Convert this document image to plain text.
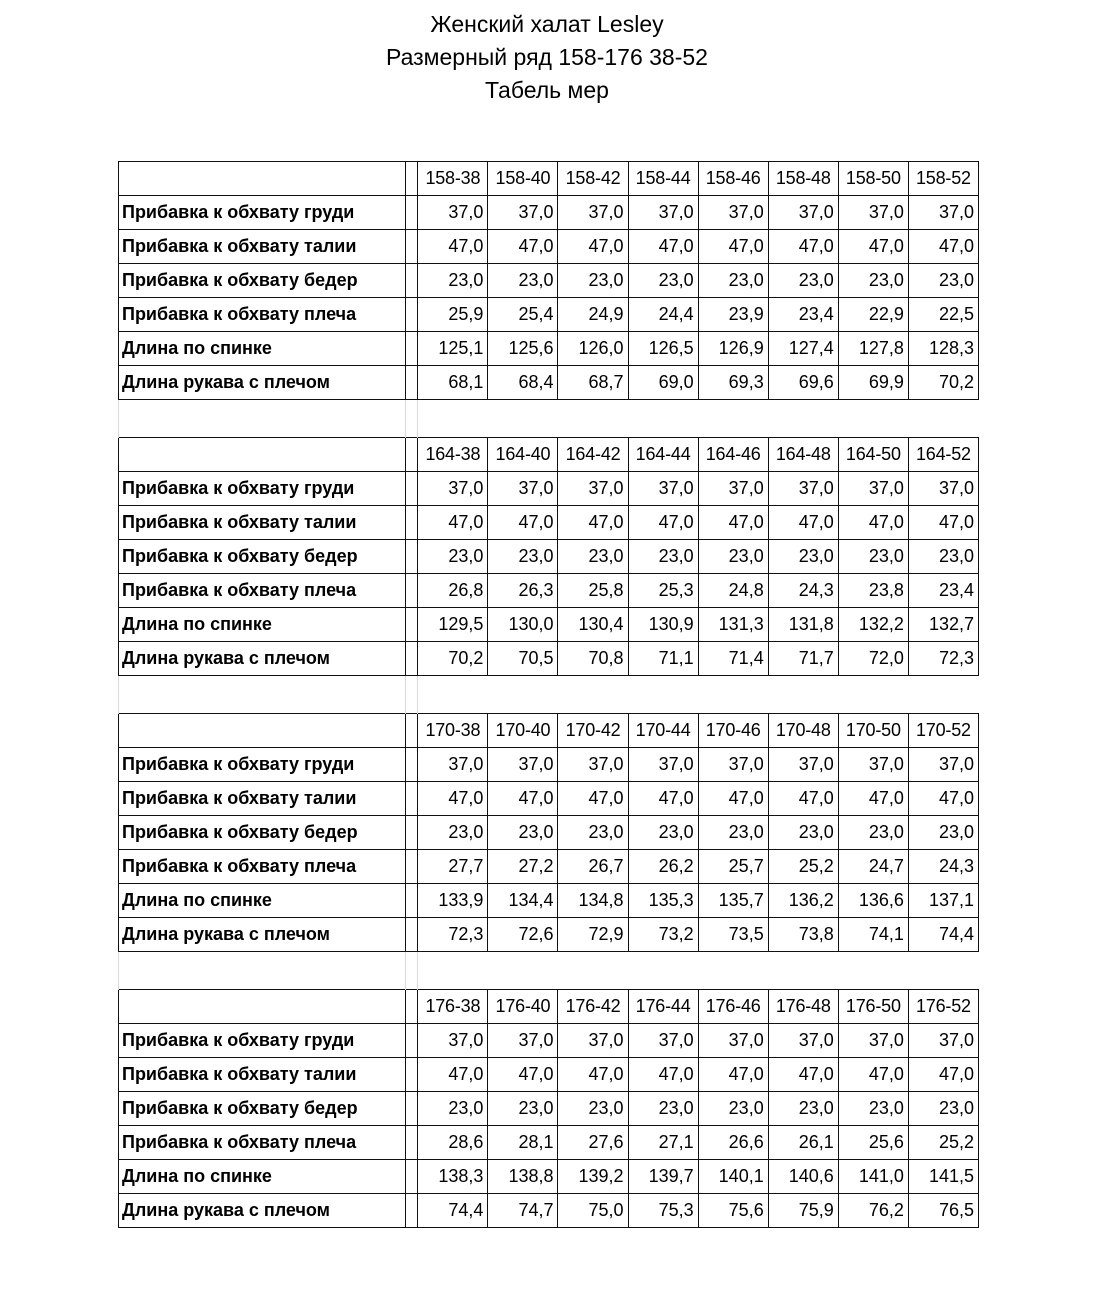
Женский халат Lesley
Размерный ряд 158-176 38-52
Табель мер
		158-38	158-40	158-42	158-44	158-46	158-48	158-50	158-52
Прибавка к обхвату груди		37,0	37,0	37,0	37,0	37,0	37,0	37,0	37,0
Прибавка к обхвату талии		47,0	47,0	47,0	47,0	47,0	47,0	47,0	47,0
Прибавка к обхвату бедер		23,0	23,0	23,0	23,0	23,0	23,0	23,0	23,0
Прибавка к обхвату плеча		25,9	25,4	24,9	24,4	23,9	23,4	22,9	22,5
Длина по спинке		125,1	125,6	126,0	126,5	126,9	127,4	127,8	128,3
Длина рукава с плечом		68,1	68,4	68,7	69,0	69,3	69,6	69,9	70,2

		164-38	164-40	164-42	164-44	164-46	164-48	164-50	164-52
Прибавка к обхвату груди		37,0	37,0	37,0	37,0	37,0	37,0	37,0	37,0
Прибавка к обхвату талии		47,0	47,0	47,0	47,0	47,0	47,0	47,0	47,0
Прибавка к обхвату бедер		23,0	23,0	23,0	23,0	23,0	23,0	23,0	23,0
Прибавка к обхвату плеча		26,8	26,3	25,8	25,3	24,8	24,3	23,8	23,4
Длина по спинке		129,5	130,0	130,4	130,9	131,3	131,8	132,2	132,7
Длина рукава с плечом		70,2	70,5	70,8	71,1	71,4	71,7	72,0	72,3

		170-38	170-40	170-42	170-44	170-46	170-48	170-50	170-52
Прибавка к обхвату груди		37,0	37,0	37,0	37,0	37,0	37,0	37,0	37,0
Прибавка к обхвату талии		47,0	47,0	47,0	47,0	47,0	47,0	47,0	47,0
Прибавка к обхвату бедер		23,0	23,0	23,0	23,0	23,0	23,0	23,0	23,0
Прибавка к обхвату плеча		27,7	27,2	26,7	26,2	25,7	25,2	24,7	24,3
Длина по спинке		133,9	134,4	134,8	135,3	135,7	136,2	136,6	137,1
Длина рукава с плечом		72,3	72,6	72,9	73,2	73,5	73,8	74,1	74,4

		176-38	176-40	176-42	176-44	176-46	176-48	176-50	176-52
Прибавка к обхвату груди		37,0	37,0	37,0	37,0	37,0	37,0	37,0	37,0
Прибавка к обхвату талии		47,0	47,0	47,0	47,0	47,0	47,0	47,0	47,0
Прибавка к обхвату бедер		23,0	23,0	23,0	23,0	23,0	23,0	23,0	23,0
Прибавка к обхвату плеча		28,6	28,1	27,6	27,1	26,6	26,1	25,6	25,2
Длина по спинке		138,3	138,8	139,2	139,7	140,1	140,6	141,0	141,5
Длина рукава с плечом		74,4	74,7	75,0	75,3	75,6	75,9	76,2	76,5
